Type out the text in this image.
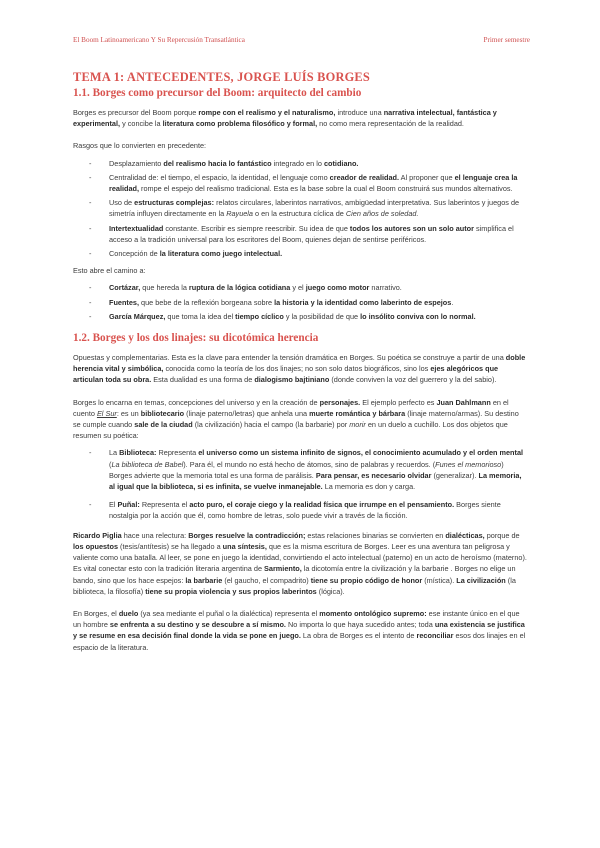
El Boom Latinoamericano Y Su Repercusión Transatlántica	Primer semestre
TEMA 1: ANTECEDENTES, JORGE LUÍS BORGES
1.1. Borges como precursor del Boom: arquitecto del cambio

Borges es precursor del Boom porque rompe con el realismo y el naturalismo, introduce una narrativa intelectual, fantástica y experimental, y concibe la literatura como problema filosófico y formal, no como mera representación de la realidad.

Rasgos que lo convierten en precedente:

- Desplazamiento del realismo hacia lo fantástico integrado en lo cotidiano.
- Centralidad de: el tiempo, el espacio, la identidad, el lenguaje como creador de realidad. Al proponer que el lenguaje crea la realidad, rompe el espejo del realismo tradicional. Esta es la base sobre la cual el Boom construirá sus mundos alternativos.
- Uso de estructuras complejas: relatos circulares, laberintos narrativos, ambigüedad interpretativa. Sus laberintos y juegos de simetría influyen directamente en la Rayuela o en la estructura cíclica de Cien años de soledad.
- Intertextualidad constante. Escribir es siempre reescribir. Su idea de que todos los autores son un solo autor simplifica el acceso a la tradición universal para los escritores del Boom, quienes dejan de sentirse periféricos.
- Concepción de la literatura como juego intelectual.

Esto abre el camino a:

- Cortázar, que hereda la ruptura de la lógica cotidiana y el juego como motor narrativo.
- Fuentes, que bebe de la reflexión borgeana sobre la historia y la identidad como laberinto de espejos.
- García Márquez, que toma la idea del tiempo cíclico y la posibilidad de que lo insólito conviva con lo normal.
1.2. Borges y los dos linajes: su dicotómica herencia

Opuestas y complementarias. Esta es la clave para entender la tensión dramática en Borges. Su poética se construye a partir de una doble herencia vital y simbólica, conocida como la teoría de los dos linajes; no son solo datos biográficos, sino los ejes alegóricos que articulan toda su obra. Esta dualidad es una forma de dialogismo bajtiniano (donde conviven la voz del guerrero y la del sabio).

Borges lo encarna en temas, concepciones del universo y en la creación de personajes. El ejemplo perfecto es Juan Dahlmann en el cuento El Sur: es un bibliotecario (linaje paterno/letras) que anhela una muerte romántica y bárbara (linaje materno/armas). Su destino se cumple cuando sale de la ciudad (la civilización) hacia el campo (la barbarie) por morir en un duelo a cuchillo. Los dos objetos que resumen su poética:

- La Biblioteca: Representa el universo como un sistema infinito de signos, el conocimiento acumulado y el orden mental (La biblioteca de Babel). Para él, el mundo no está hecho de átomos, sino de palabras y recuerdos. (Funes el memorioso) Borges advierte que la memoria total es una forma de parálisis. Para pensar, es necesario olvidar (generalizar). La memoria, al igual que la biblioteca, si es infinita, se vuelve inmanejable. La memoria es don y carga.
- El Puñal: Representa el acto puro, el coraje ciego y la realidad física que irrumpe en el pensamiento. Borges siente nostalgia por la acción que él, como hombre de letras, solo puede vivir a través de la ficción.

Ricardo Piglia hace una relectura: Borges resuelve la contradicción; estas relaciones binarias se convierten en dialécticas, porque de los opuestos (tesis/antítesis) se ha llegado a una síntesis, que es la misma escritura de Borges. Leer es una aventura tan peligrosa y valiente como una batalla. Al leer, se pone en juego la identidad, convirtiendo el acto intelectual (paterno) en un acto de heroísmo (materno).

Es vital conectar esto con la tradición literaria argentina de Sarmiento, la dicotomía entre la civilización y la barbarie . Borges no elige un bando, sino que los hace espejos: la barbarie (el gaucho, el compadrito) tiene su propio código de honor (mística). La civilización (la biblioteca, la filosofía) tiene su propia violencia y sus propios laberintos (lógica).

En Borges, el duelo (ya sea mediante el puñal o la dialéctica) representa el momento ontológico supremo: ese instante único en el que un hombre se enfrenta a su destino y se descubre a sí mismo. No importa lo que haya sucedido antes; toda una existencia se justifica y se resume en esa decisión final donde la vida se pone en juego. La obra de Borges es el intento de reconciliar esos dos linajes en el espacio de la literatura.
